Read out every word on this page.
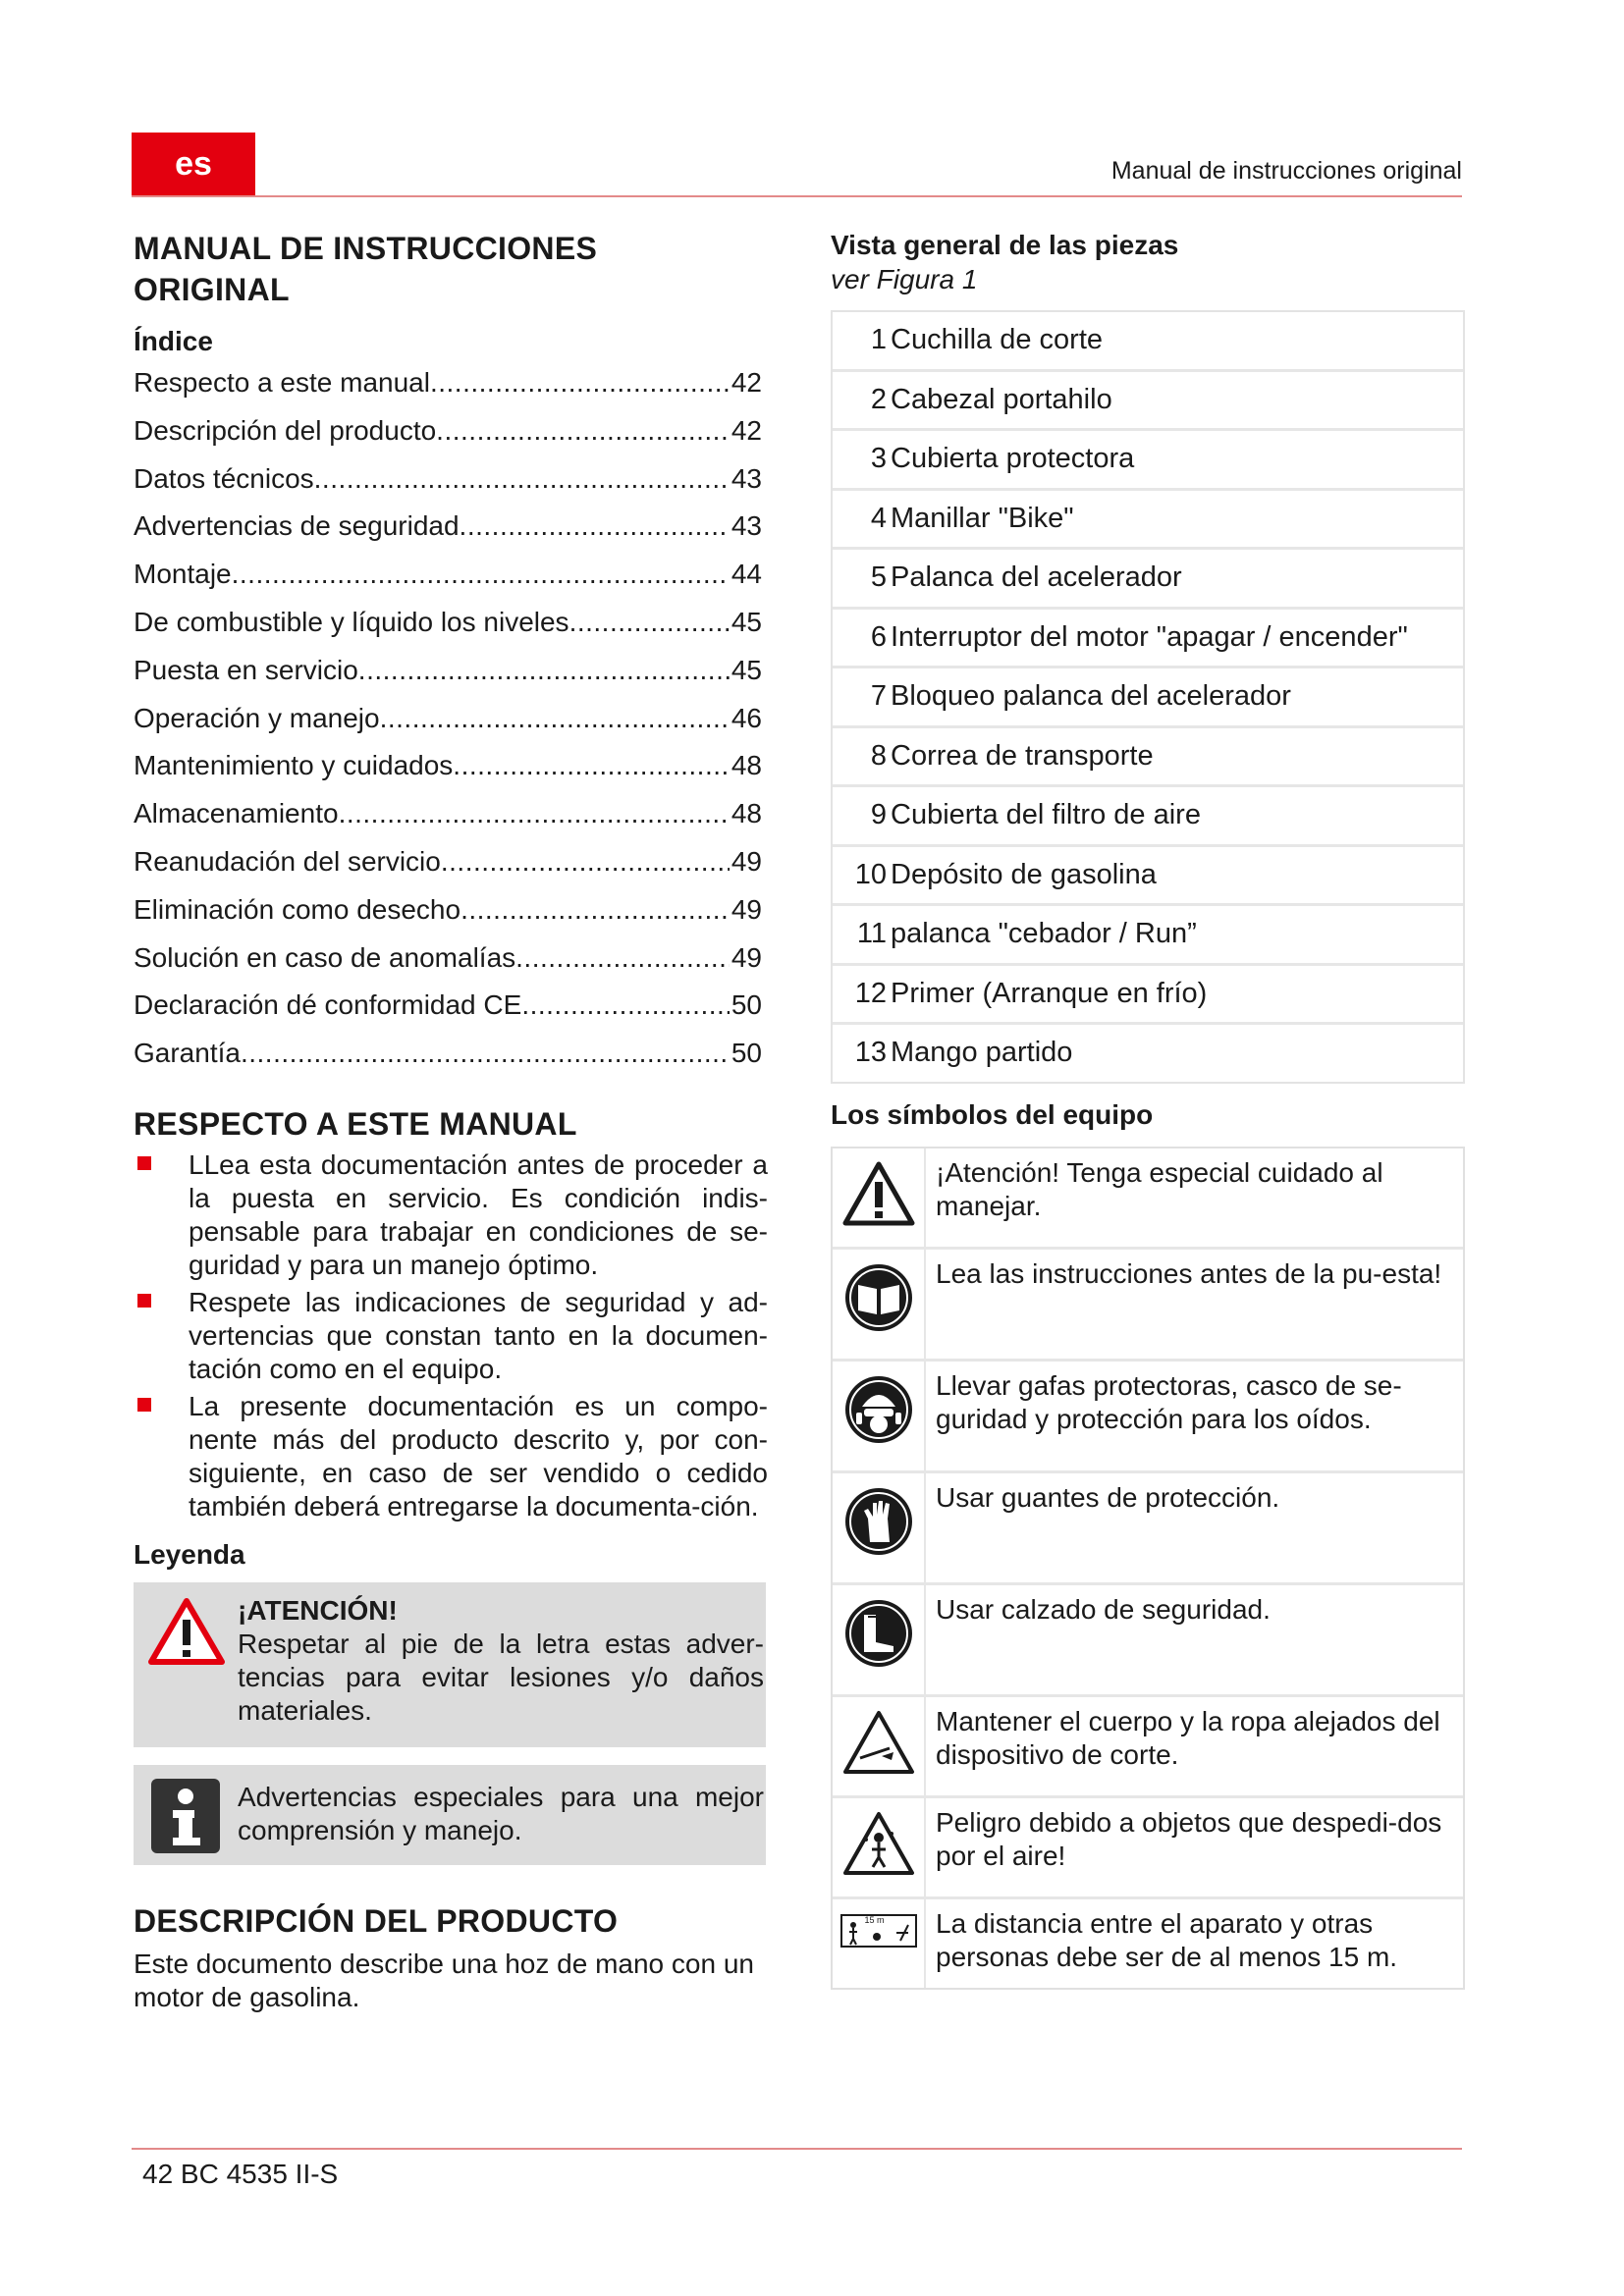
es	Manual de instrucciones original
MANUAL DE INSTRUCCIONES
ORIGINAL
Índice
Respecto a este manual .....	42
Descripción del producto .....	42
Datos técnicos .....	43
Advertencias de seguridad .....	43
Montaje .....	44
De combustible y líquido los niveles .....	45
Puesta en servicio .....	45
Operación y manejo .....	46
Mantenimiento y cuidados .....	48
Almacenamiento .....	48
Reanudación del servicio .....	49
Eliminación como desecho .....	49
Solución en caso de anomalías .....	49
Declaración dé conformidad CE .....	50
Garantía .....	50
RESPECTO A ESTE MANUAL
LLea esta documentación antes de proceder a la puesta en servicio. Es condición indis-pensable para trabajar en condiciones de se-guridad y para un manejo óptimo.
Respete las indicaciones de seguridad y ad-vertencias que constan tanto en la documen-tación como en el equipo.
La presente documentación es un compo-nente más del producto descrito y, por con-siguiente, en caso de ser vendido o cedido también deberá entregarse la documenta-ción.
Leyenda
¡ATENCIÓN!
Respetar al pie de la letra estas adver-tencias para evitar lesiones y/o daños materiales.
Advertencias especiales para una mejor comprensión y manejo.
DESCRIPCIÓN DEL PRODUCTO
Este documento describe una hoz de mano con un motor de gasolina.
Vista general de las piezas
ver Figura 1
1 Cuchilla de corte
2 Cabezal portahilo
3 Cubierta protectora
4 Manillar "Bike"
5 Palanca del acelerador
6 Interruptor del motor "apagar / encender"
7 Bloqueo palanca del acelerador
8 Correa de transporte
9 Cubierta del filtro de aire
10 Depósito de gasolina
11 palanca "cebador / Run”
12 Primer (Arranque en frío)
13 Mango partido
Los símbolos del equipo
¡Atención! Tenga especial cuidado al manejar.
Lea las instrucciones antes de la pu-esta!
Llevar gafas protectoras, casco de se-guridad y protección para los oídos.
Usar guantes de protección.
Usar calzado de seguridad.
Mantener el cuerpo y la ropa alejados del dispositivo de corte.
Peligro debido a objetos que despedi-dos por el aire!
15 m	La distancia entre el aparato y otras personas debe ser de al menos 15 m.
42 BC 4535 II-S
